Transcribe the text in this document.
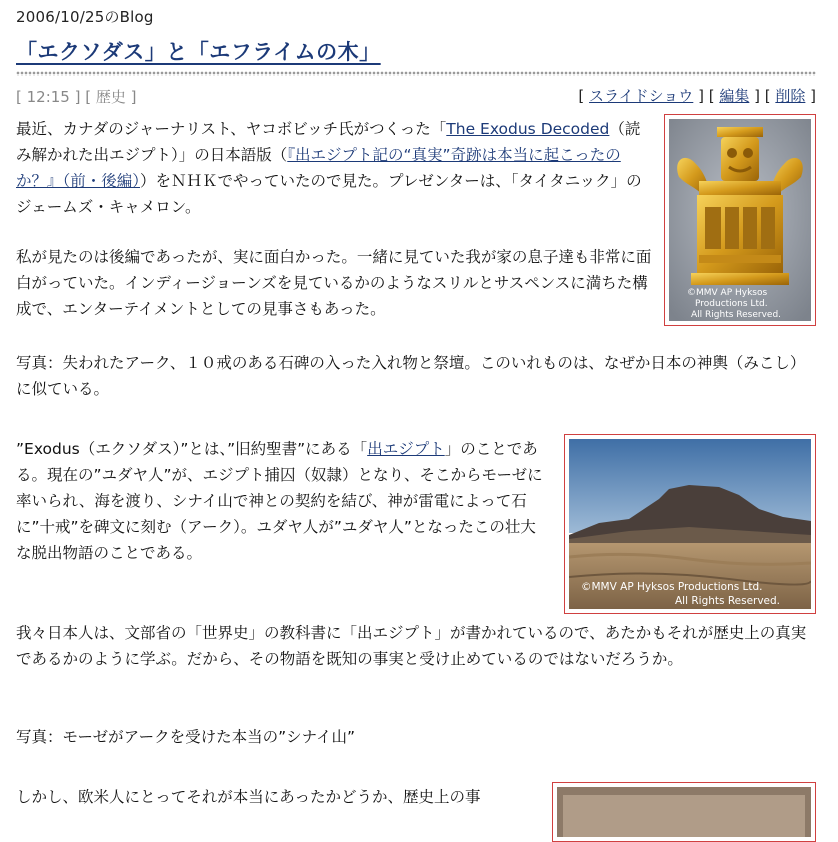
2006/10/25のBlog
「エクソダス」と「エフライムの木」
[ 12:15 ] [ 歴史 ]	[ スライドショウ ] [ 編集 ] [ 削除 ]
©MMV AP Hyksos
Productions Ltd.
All Rights Reserved.

最近、カナダのジャーナリスト、ヤコボビッチ氏がつくった「The Exodus Decoded（読み解かれた出エジプト）」の日本語版（『出エジプト記の“真実”奇跡は本当に起こったのか？』（前・後編））をＮＨＫでやっていたので見た。プレゼンターは、「タイタニック」のジェームズ・キャメロン。

私が見たのは後編であったが、実に面白かった。一緒に見ていた我が家の息子達も非常に面白がっていた。インディージョーンズを見ているかのようなスリルとサスペンスに満ちた構成で、エンターテイメントとしての見事さもあった。

写真：失われたアーク、１０戒のある石碑の入った入れ物と祭壇。このいれものは、なぜか日本の神輿（みこし）に似ている。

©MMV AP Hyksos Productions Ltd.
All Rights Reserved.

”Exodus（エクソダス）”とは、”旧約聖書”にある「出エジプト」のことである。現在の”ユダヤ人”が、エジプト捕囚（奴隷）となり、そこからモーゼに率いられ、海を渡り、シナイ山で神との契約を結び、神が雷電によって石に”十戒”を碑文に刻む（アーク）。ユダヤ人が”ユダヤ人”となったこの壮大な脱出物語のことである。

我々日本人は、文部省の「世界史」の教科書に「出エジプト」が書かれているので、あたかもそれが歴史上の真実であるかのように学ぶ。だから、その物語を既知の事実と受け止めているのではないだろうか。

写真：モーゼがアークを受けた本当の”シナイ山”

しかし、欧米人にとってそれが本当にあったかどうか、歴史上の事
